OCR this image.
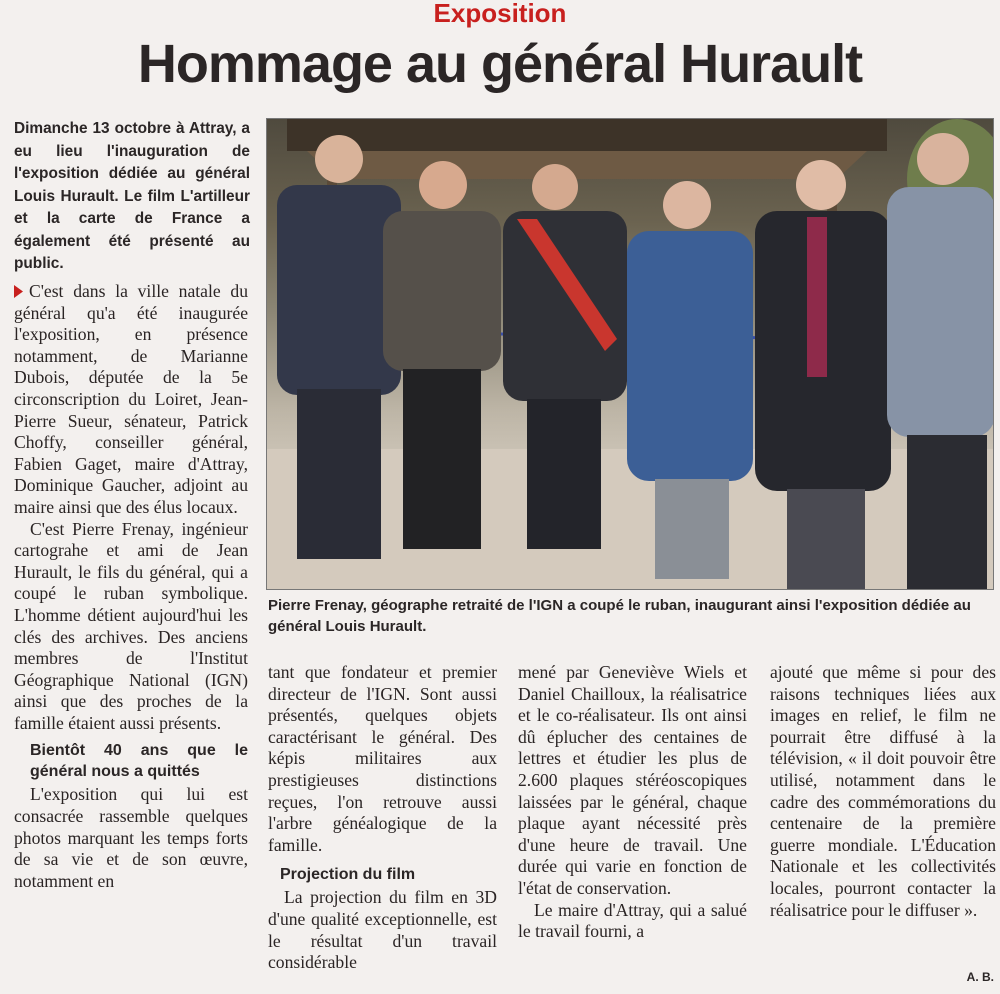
Exposition
Hommage au général Hurault
Dimanche 13 octobre à Attray, a eu lieu l'inauguration de l'exposition dédiée au général Louis Hurault. Le film L'artilleur et la carte de France a également été présenté au public.
Pierre Frenay, géographe retraité de l'IGN a coupé le ruban, inaugurant ainsi l'exposition dédiée au général Louis Hurault.

C'est dans la ville natale du général qu'a été inaugurée l'exposition, en présence notamment, de Marianne Dubois, députée de la 5e circonscription du Loiret, Jean-Pierre Sueur, sénateur, Patrick Choffy, conseiller général, Fabien Gaget, maire d'Attray, Dominique Gaucher, adjoint au maire ainsi que des élus locaux.

C'est Pierre Frenay, ingénieur cartograhe et ami de Jean Hurault, le fils du général, qui a coupé le ruban symbolique. L'homme détient aujourd'hui les clés des archives. Des anciens membres de l'Institut Géographique National (IGN) ainsi que des proches de la famille étaient aussi présents.

Bientôt 40 ans que le général nous a quittés

L'exposition qui lui est consacrée rassemble quelques photos marquant les temps forts de sa vie et de son œuvre, notamment en

tant que fondateur et premier directeur de l'IGN. Sont aussi présentés, quelques objets caractérisant le général. Des képis militaires aux prestigieuses distinctions reçues, l'on retrouve aussi l'arbre généalogique de la famille.

Projection du film

La projection du film en 3D d'une qualité exceptionnelle, est le résultat d'un travail considérable

mené par Geneviève Wiels et Daniel Chailloux, la réalisatrice et le co-réalisateur. Ils ont ainsi dû éplucher des centaines de lettres et étudier les plus de 2.600 plaques stéréoscopiques laissées par le général, chaque plaque ayant nécessité près d'une heure de travail. Une durée qui varie en fonction de l'état de conservation.

Le maire d'Attray, qui a salué le travail fourni, a

ajouté que même si pour des raisons techniques liées aux images en relief, le film ne pourrait être diffusé à la télévision, « il doit pouvoir être utilisé, notamment dans le cadre des commémorations du centenaire de la première guerre mondiale. L'Éducation Nationale et les collectivités locales, pourront contacter la réalisatrice pour le diffuser ».

A. B.
